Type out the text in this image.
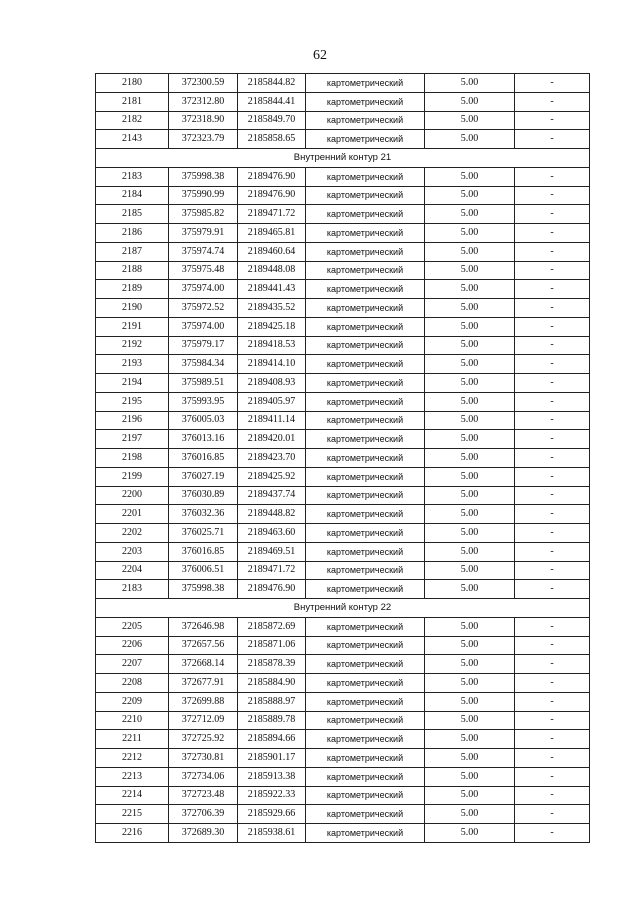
62
2180	372300.59	2185844.82	картометрический	5.00	-
2181	372312.80	2185844.41	картометрический	5.00	-
2182	372318.90	2185849.70	картометрический	5.00	-
2143	372323.79	2185858.65	картометрический	5.00	-
Внутренний контур 21					
2183	375998.38	2189476.90	картометрический	5.00	-
2184	375990.99	2189476.90	картометрический	5.00	-
2185	375985.82	2189471.72	картометрический	5.00	-
2186	375979.91	2189465.81	картометрический	5.00	-
2187	375974.74	2189460.64	картометрический	5.00	-
2188	375975.48	2189448.08	картометрический	5.00	-
2189	375974.00	2189441.43	картометрический	5.00	-
2190	375972.52	2189435.52	картометрический	5.00	-
2191	375974.00	2189425.18	картометрический	5.00	-
2192	375979.17	2189418.53	картометрический	5.00	-
2193	375984.34	2189414.10	картометрический	5.00	-
2194	375989.51	2189408.93	картометрический	5.00	-
2195	375993.95	2189405.97	картометрический	5.00	-
2196	376005.03	2189411.14	картометрический	5.00	-
2197	376013.16	2189420.01	картометрический	5.00	-
2198	376016.85	2189423.70	картометрический	5.00	-
2199	376027.19	2189425.92	картометрический	5.00	-
2200	376030.89	2189437.74	картометрический	5.00	-
2201	376032.36	2189448.82	картометрический	5.00	-
2202	376025.71	2189463.60	картометрический	5.00	-
2203	376016.85	2189469.51	картометрический	5.00	-
2204	376006.51	2189471.72	картометрический	5.00	-
2183	375998.38	2189476.90	картометрический	5.00	-
Внутренний контур 22					
2205	372646.98	2185872.69	картометрический	5.00	-
2206	372657.56	2185871.06	картометрический	5.00	-
2207	372668.14	2185878.39	картометрический	5.00	-
2208	372677.91	2185884.90	картометрический	5.00	-
2209	372699.88	2185888.97	картометрический	5.00	-
2210	372712.09	2185889.78	картометрический	5.00	-
2211	372725.92	2185894.66	картометрический	5.00	-
2212	372730.81	2185901.17	картометрический	5.00	-
2213	372734.06	2185913.38	картометрический	5.00	-
2214	372723.48	2185922.33	картометрический	5.00	-
2215	372706.39	2185929.66	картометрический	5.00	-
2216	372689.30	2185938.61	картометрический	5.00	-
